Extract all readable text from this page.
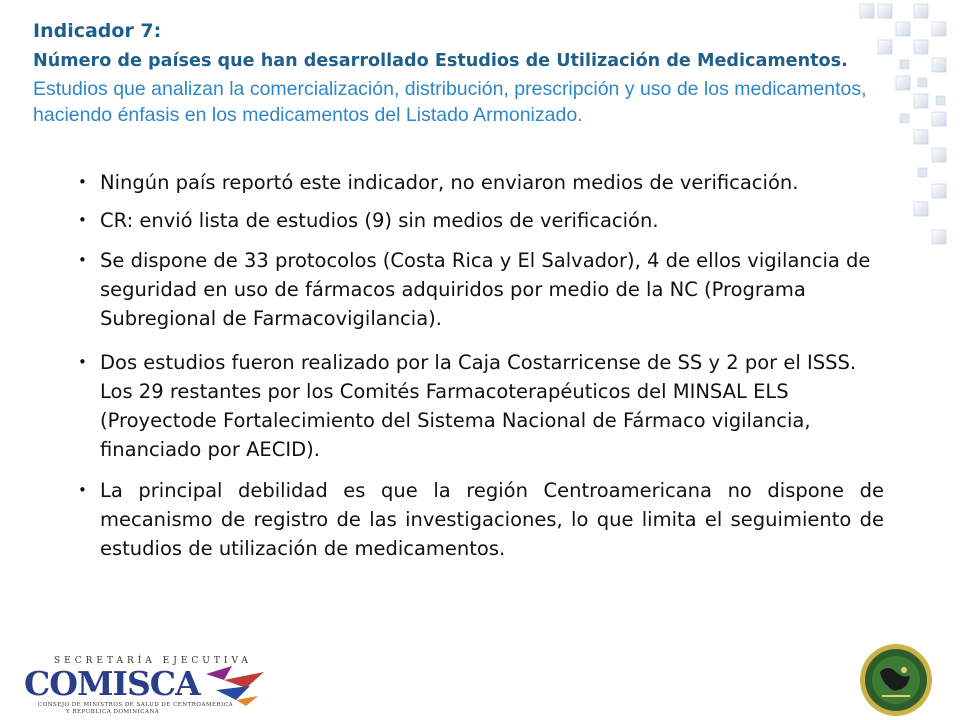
Indicador 7:

Número de países que han desarrollado Estudios de Utilización de Medicamentos.

Estudios que analizan la comercialización, distribución, prescripción y uso de los medicamentos, haciendo énfasis en los medicamentos del Listado Armonizado.

• Ningún país reportó este indicador, no enviaron medios de verificación.
• CR: envió lista de estudios (9) sin medios de verificación.
• Se dispone de 33 protocolos (Costa Rica y El Salvador), 4 de ellos vigilancia de seguridad en uso de fármacos adquiridos por medio de la NC (Programa Subregional de Farmacovigilancia).
• Dos estudios fueron realizado por la Caja Costarricense de SS y 2 por el ISSS. Los 29 restantes por los Comités Farmacoterapéuticos del MINSAL ELS (Proyectode Fortalecimiento del Sistema Nacional de Fármaco vigilancia, financiado por AECID).
• La principal debilidad es que la región Centroamericana no dispone de mecanismo de registro de las investigaciones, lo que limita el seguimiento de estudios de utilización de medicamentos.
SECRETARÍA EJECUTIVA
COMISCA
CONSEJO DE MINISTROS DE SALUD DE CENTROAMÉRICA
Y REPÚBLICA DOMINICANA
